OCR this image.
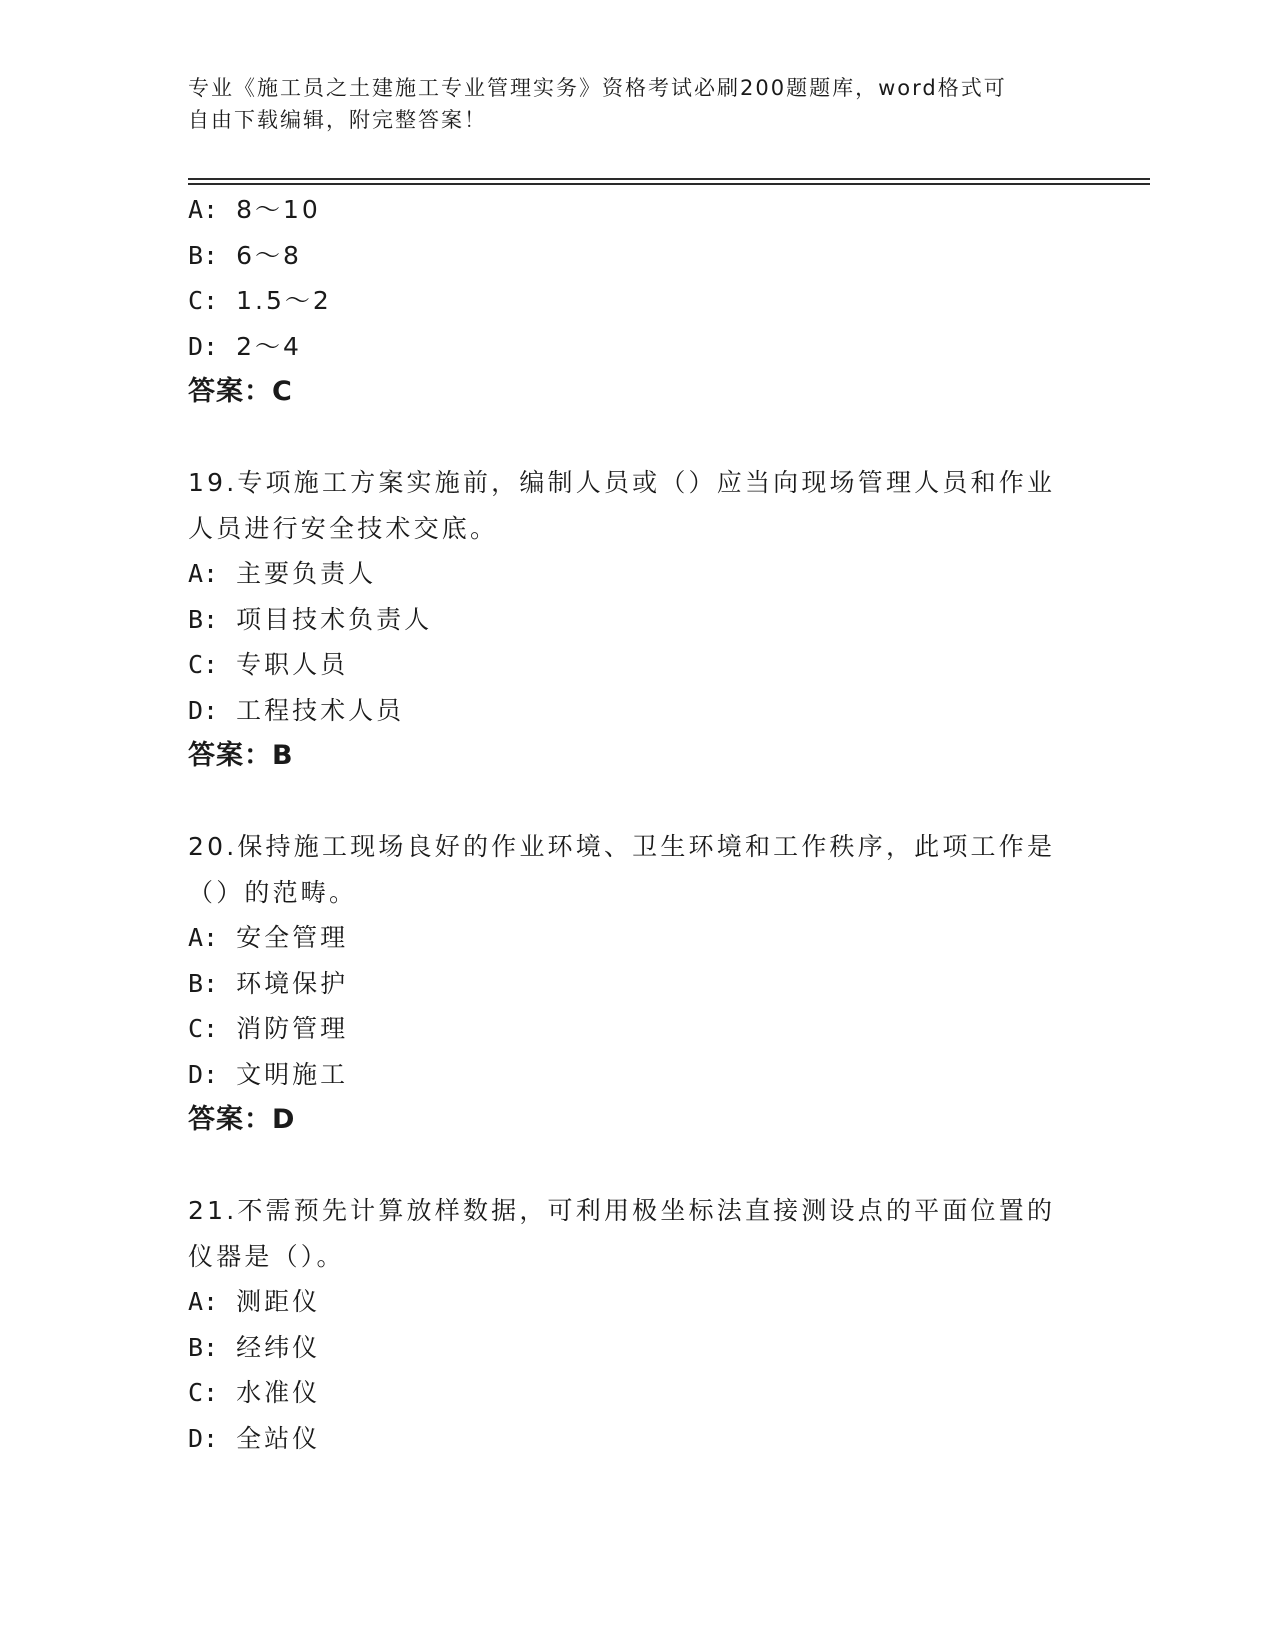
专业《施工员之土建施工专业管理实务》资格考试必刷200题题库，word格式可
自由下载编辑，附完整答案！
A: 8～10
B: 6～8
C: 1.5～2
D: 2～4
答案：C
19.专项施工方案实施前，编制人员或（）应当向现场管理人员和作业
人员进行安全技术交底。
A: 主要负责人
B: 项目技术负责人
C: 专职人员
D: 工程技术人员
答案：B
20.保持施工现场良好的作业环境、卫生环境和工作秩序，此项工作是
（）的范畴。
A: 安全管理
B: 环境保护
C: 消防管理
D: 文明施工
答案：D
21.不需预先计算放样数据，可利用极坐标法直接测设点的平面位置的
仪器是（）。
A: 测距仪
B: 经纬仪
C: 水准仪
D: 全站仪
